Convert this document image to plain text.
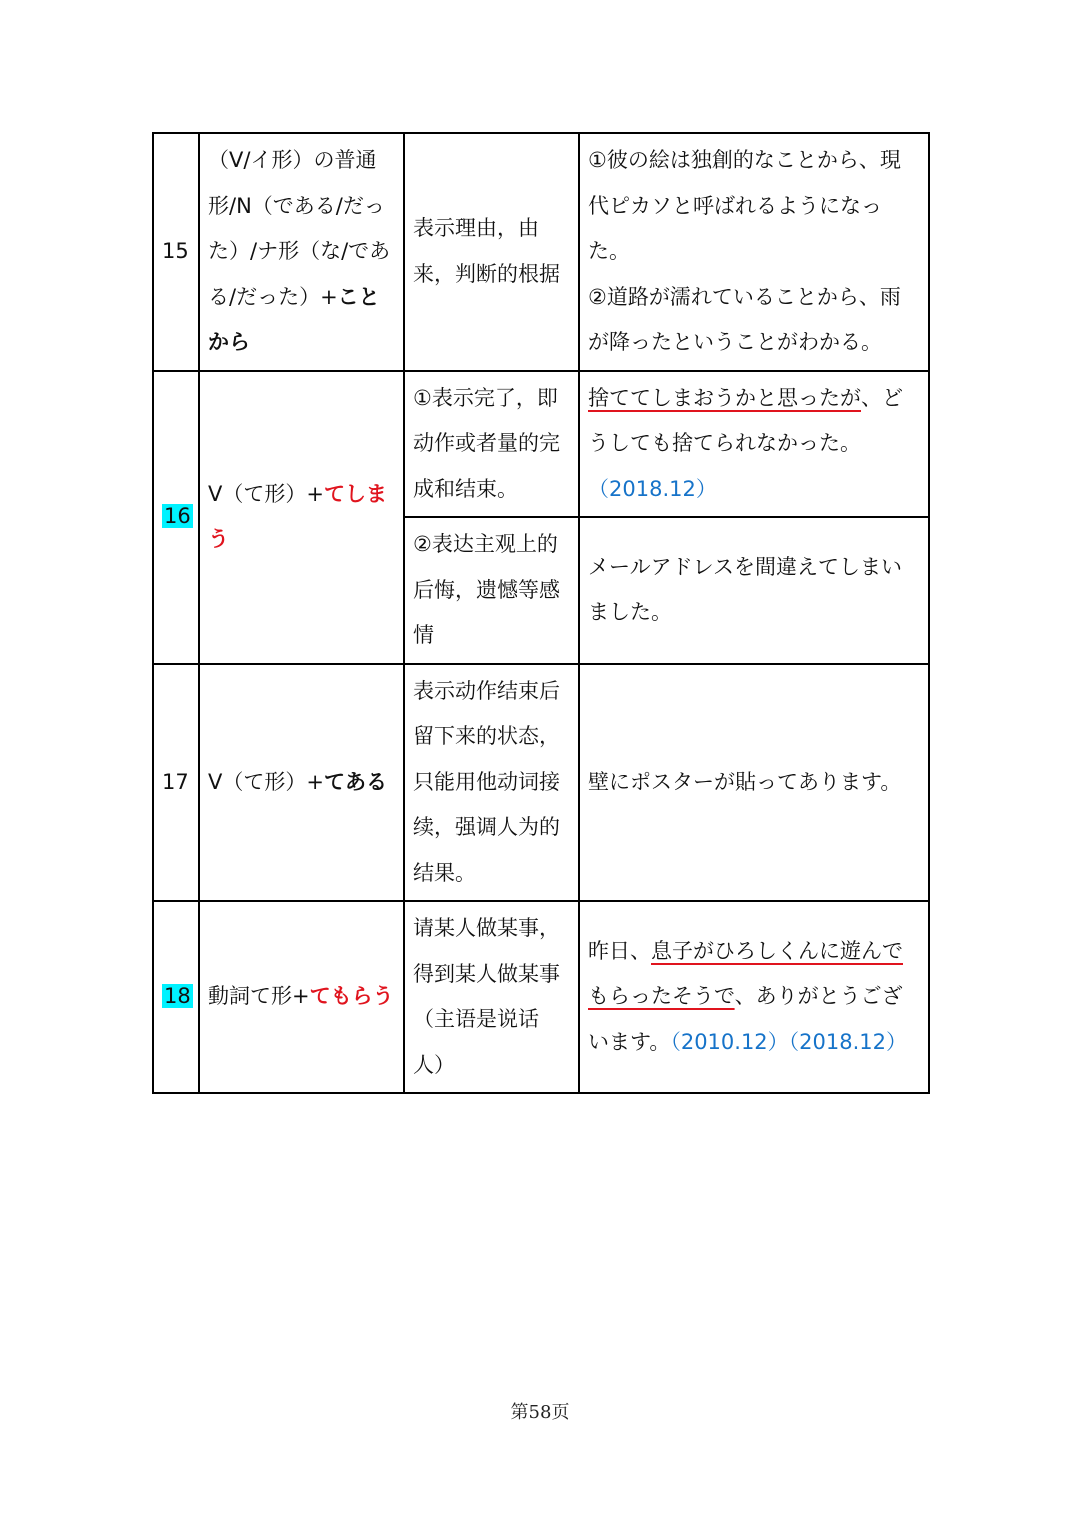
15	（V/イ形）の普通形/N（である/だった）/ナ形（な/である/だった）+ことから	表示理由，由来，判断的根据	①彼の絵は独創的なことから、現代ピカソと呼ばれるようになった。
②道路が濡れていることから、雨が降ったということがわかる。

16	V（て形）+てしまう	①表示完了，即动作或者量的完成和结束。	捨ててしまおうかと思ったが、どうしても捨てられなかった。（2018.12）
		②表达主观上的后悔，遗憾等感情	メールアドレスを間違えてしまいました。
17	V（て形）+てある	表示动作结束后留下来的状态，只能用他动词接续，强调人为的结果。	壁にポスターが貼ってあります。
18	動詞て形+てもらう	请某人做某事，得到某人做某事（主语是说话人）	昨日、息子がひろしくんに遊んでもらったそうで、ありがとうございます。（2010.12）（2018.12）
第58页
